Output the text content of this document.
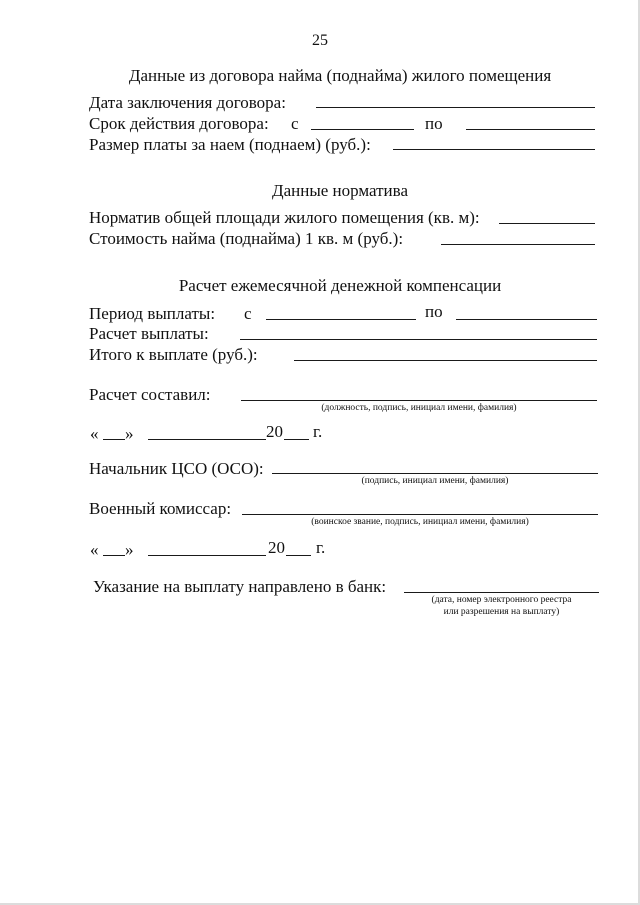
25
Данные из договора найма (поднайма) жилого помещения
Дата заключения договора:
Срок действия договора: с	по
Размер платы за наем (поднаем) (руб.):
Данные норматива
Норматив общей площади жилого помещения (кв. м):
Стоимость найма (поднайма) 1 кв. м (руб.):
Расчет ежемесячной денежной компенсации
Период выплаты: с	по
Расчет выплаты:
Итого к выплате (руб.):
Расчет составил:
(должность, подпись, инициал имени, фамилия)
« »	20 г.
Начальник ЦСО (ОСО):
(подпись, инициал имени, фамилия)
Военный комиссар:
(воинское звание, подпись, инициал имени, фамилия)
« »	20 г.
Указание на выплату направлено в банк:
(дата, номер электронного реестра
или разрешения на выплату)
